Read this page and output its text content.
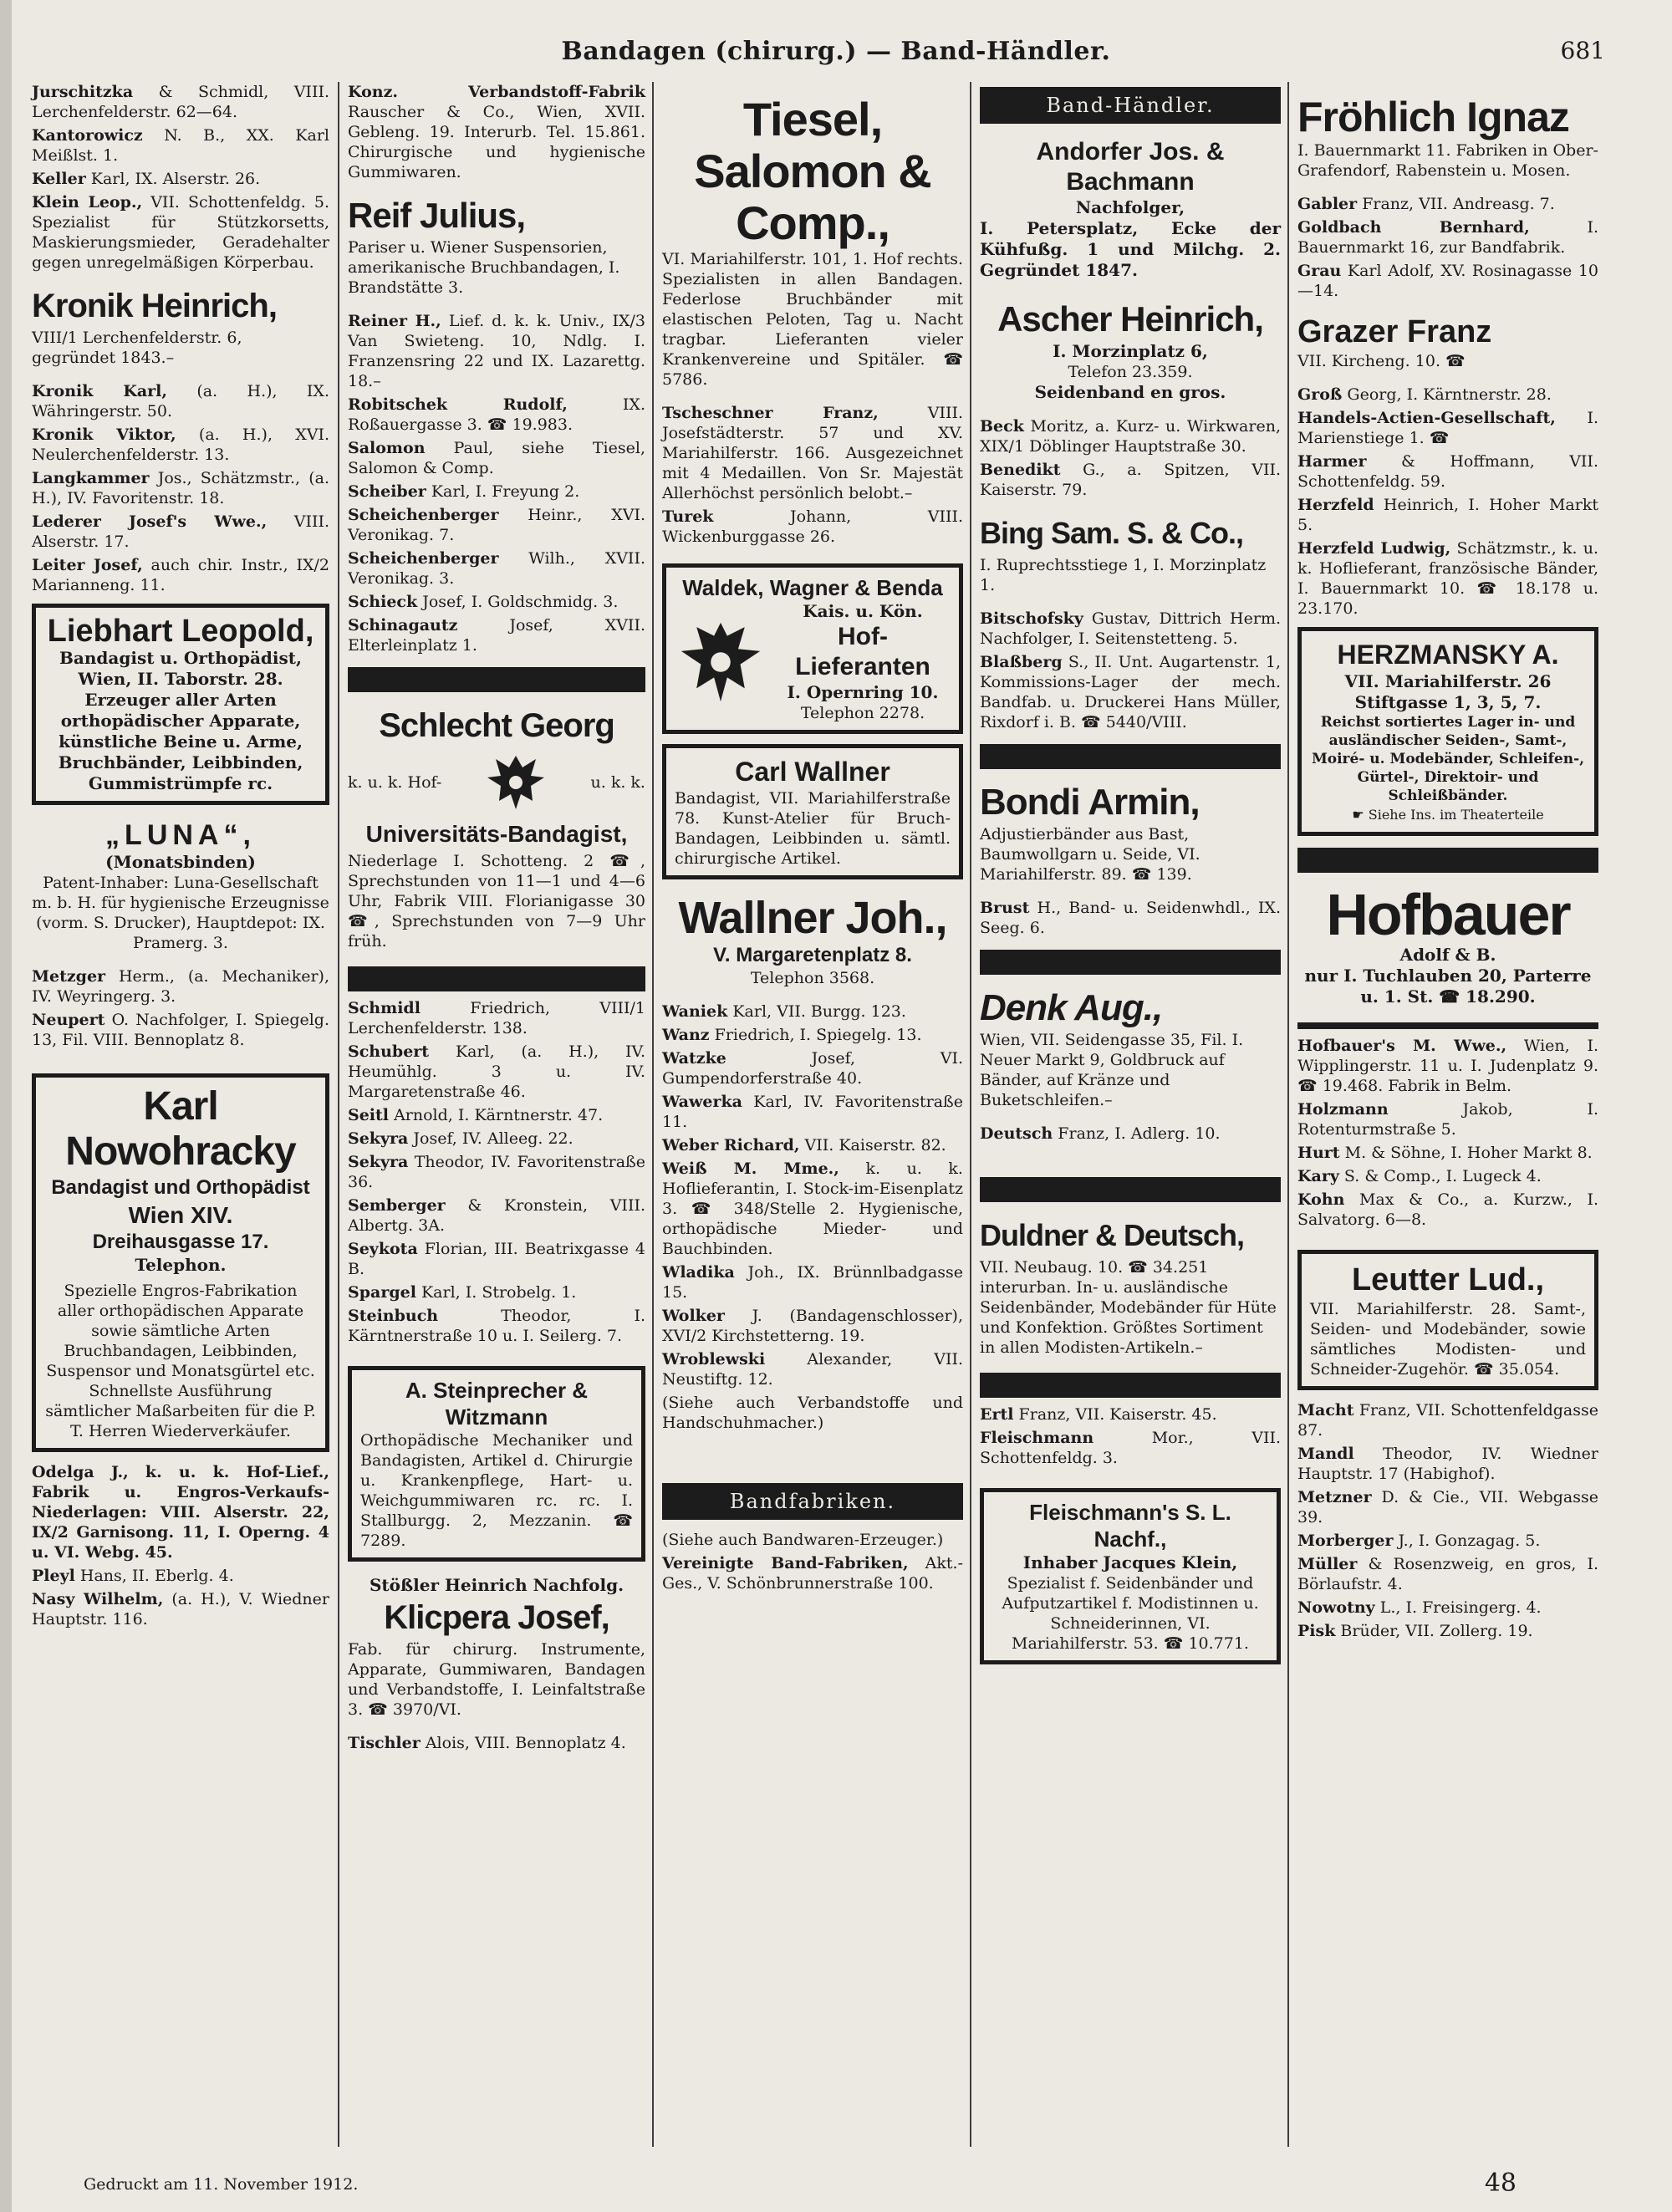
Bandagen (chirurg.) — Band-Händler.	681
Jurschitzka & Schmidl, VIII. Lerchenfelderstr. 62—64.
Kantorowicz N. B., XX. Karl Meißlst. 1.
Keller Karl, IX. Alserstr. 26.
Klein Leop., VII. Schottenfeldg. 5. Spezialist für Stützkorsetts, Maskierungsmieder, Geradehalter gegen unregelmäßigen Körperbau.
Kronik Heinrich,
VIII/1 Lerchenfelderstr. 6, gegründet 1843.–
Kronik Karl, (a. H.), IX. Währingerstr. 50.
Kronik Viktor, (a. H.), XVI. Neulerchenfelderstr. 13.
Langkammer Jos., Schätzmstr., (a. H.), IV. Favoritenstr. 18.
Lederer Josef's Wwe., VIII. Alserstr. 17.
Leiter Josef, auch chir. Instr., IX/2 Marianneng. 11.
Liebhart Leopold,
Bandagist u. Orthopädist, Wien, II. Taborstr. 28. Erzeuger aller Arten orthopädischer Apparate, künstliche Beine u. Arme, Bruchbänder, Leibbinden, Gummistrümpfe rc.
„LUNA“,
(Monatsbinden)
Patent-Inhaber: Luna-Gesellschaft m. b. H. für hygienische Erzeugnisse (vorm. S. Drucker), Hauptdepot: IX. Pramerg. 3.
Metzger Herm., (a. Mechaniker), IV. Weyringerg. 3.
Neupert O. Nachfolger, I. Spiegelg. 13, Fil. VIII. Bennoplatz 8.
Karl Nowohracky
Bandagist und Orthopädist
Wien XIV.
Dreihausgasse 17.
Telephon.
Spezielle Engros-Fabrikation aller orthopädischen Apparate sowie sämtliche Arten Bruchbandagen, Leibbinden, Suspensor und Monatsgürtel etc. Schnellste Ausführung sämtlicher Maßarbeiten für die P. T. Herren Wiederverkäufer.
Odelga J., k. u. k. Hof-Lief., Fabrik u. Engros-Verkaufs-Niederlagen: VIII. Alserstr. 22, IX/2 Garnisong. 11, I. Operng. 4 u. VI. Webg. 45.
Pleyl Hans, II. Eberlg. 4.
Nasy Wilhelm, (a. H.), V. Wiedner Hauptstr. 116.
Konz. Verbandstoff-Fabrik Rauscher & Co., Wien, XVII. Gebleng. 19. Interurb. Tel. 15.861. Chirurgische und hygienische Gummiwaren.
Reif Julius,
Pariser u. Wiener Suspensorien, amerikanische Bruchbandagen, I. Brandstätte 3.
Reiner H., Lief. d. k. k. Univ., IX/3 Van Swieteng. 10, Ndlg. I. Franzensring 22 und IX. Lazarettg. 18.–
Robitschek Rudolf,	IX. Roßauergasse 3. ☎ 19.983.
Salomon Paul, siehe Tiesel, Salomon & Comp.
Scheiber Karl, I. Freyung 2.
Scheichenberger Heinr., XVI. Veronikag. 7.
Scheichenberger Wilh., XVII. Veronikag. 3.
Schieck Josef, I. Goldschmidg. 3.
Schinagautz	Josef, XVII. Elterleinplatz 1.
Schlecht Georg
k. u. k. Hof-	u. k. k.
Universitäts-Bandagist,
Niederlage I. Schotteng. 2 ☎, Sprechstunden von 11—1 und 4—6 Uhr, Fabrik VIII. Florianigasse 30 ☎, Sprechstunden von 7—9 Uhr früh.
Schmidl	Friedrich, VIII/1 Lerchenfelderstr. 138.
Schubert Karl, (a. H.), IV. Heumühlg. 3 u. IV. Margaretenstraße 46.
Seitl Arnold, I. Kärntnerstr. 47.
Sekyra Josef, IV. Alleeg. 22.
Sekyra Theodor, IV. Favoritenstraße 36.
Semberger & Kronstein, VIII. Albertg. 3A.
Seykota Florian, III. Beatrixgasse 4 B.
Spargel Karl, I. Strobelg. 1.
Steinbuch	Theodor, I. Kärntnerstraße 10 u. I. Seilerg. 7.
A. Steinprecher & Witzmann
Orthopädische Mechaniker und Bandagisten, Artikel d. Chirurgie u. Krankenpflege, Hart- u. Weichgummiwaren rc. rc. I. Stallburgg. 2, Mezzanin. ☎ 7289.
Stößler Heinrich Nachfolg.
Klicpera Josef,
Fab. für chirurg. Instrumente, Apparate, Gummiwaren, Bandagen und Verbandstoffe, I. Leinfaltstraße 3. ☎ 3970/VI.
Tischler Alois, VIII. Bennoplatz 4.
Tiesel, Salomon & Comp.,
VI. Mariahilferstr. 101, 1. Hof rechts. Spezialisten in allen Bandagen. Federlose Bruchbänder mit elastischen Peloten, Tag u. Nacht tragbar. Lieferanten vieler Krankenvereine und Spitäler. ☎ 5786.
Tscheschner Franz,	VIII. Josefstädterstr. 57 und XV. Mariahilferstr. 166. Ausgezeichnet mit 4 Medaillen. Von Sr. Majestät Allerhöchst persönlich belobt.–
Turek	Johann, VIII. Wickenburggasse 26.
Waldek, Wagner & Benda
Kais. u. Kön.
Hof-Lieferanten
I. Opernring 10.
Telephon 2278.
Carl Wallner
Bandagist, VII. Mariahilferstraße 78. Kunst-Atelier für Bruch-Bandagen, Leibbinden u. sämtl. chirurgische Artikel.
Wallner Joh.,
V. Margaretenplatz 8.
Telephon 3568.
Waniek Karl, VII. Burgg. 123.
Wanz Friedrich, I. Spiegelg. 13.
Watzke	Josef, VI. Gumpendorferstraße 40.
Wawerka Karl, IV. Favoritenstraße 11.
Weber Richard, VII. Kaiserstr. 82.
Weiß M. Mme., k. u. k. Hoflieferantin, I. Stock-im-Eisenplatz 3. ☎ 348/Stelle 2. Hygienische, orthopädische Mieder- und Bauchbinden.
Wladika Joh., IX. Brünnlbadgasse 15.
Wolker J. (Bandagenschlosser), XVI/2 Kirchstetterng. 19.
Wroblewski	Alexander, VII. Neustiftg. 12.
(Siehe auch Verbandstoffe und Handschuhmacher.)
Bandfabriken.
(Siehe auch Bandwaren-Erzeuger.)
Vereinigte Band-Fabriken, Akt.-Ges., V. Schönbrunnerstraße 100.
Band-Händler.
Andorfer Jos. & Bachmann
Nachfolger,
I. Petersplatz, Ecke der Kühfußg. 1 und Milchg. 2. Gegründet 1847.
Ascher Heinrich,
I. Morzinplatz 6,
Telefon 23.359.
Seidenband en gros.
Beck Moritz, a. Kurz- u. Wirkwaren, XIX/1 Döblinger Hauptstraße 30.
Benedikt G., a. Spitzen, VII. Kaiserstr. 79.
Bing Sam. S. & Co.,
I. Ruprechtsstiege 1, I. Morzinplatz 1.
Bitschofsky Gustav, Dittrich Herm. Nachfolger, I. Seitenstetteng. 5.
Blaßberg S., II. Unt. Augartenstr. 1, Kommissions-Lager der mech. Bandfab. u. Druckerei Hans Müller, Rixdorf i. B. ☎ 5440/VIII.
Bondi Armin,
Adjustierbänder aus Bast, Baumwollgarn u. Seide, VI. Mariahilferstr. 89. ☎ 139.
Brust H., Band- u. Seidenwhdl., IX. Seeg. 6.
Denk Aug.,
Wien, VII. Seidengasse 35, Fil. I. Neuer Markt 9, Goldbruck auf Bänder, auf Kränze und Buketschleifen.–
Deutsch Franz, I. Adlerg. 10.
Duldner & Deutsch,
VII. Neubaug. 10. ☎ 34.251 interurban. In- u. ausländische Seidenbänder, Modebänder für Hüte und Konfektion. Größtes Sortiment in allen Modisten-Artikeln.–
Ertl Franz, VII. Kaiserstr. 45.
Fleischmann	Mor., VII. Schottenfeldg. 3.
Fleischmann's S. L. Nachf.,
Inhaber Jacques Klein,
Spezialist f. Seidenbänder und Aufputzartikel f. Modistinnen u. Schneiderinnen, VI. Mariahilferstr. 53. ☎ 10.771.
Fröhlich Ignaz
I. Bauernmarkt 11. Fabriken in Ober-Grafendorf, Rabenstein u. Mosen.
Gabler Franz, VII. Andreasg. 7.
Goldbach Bernhard,	I. Bauernmarkt 16, zur Bandfabrik.
Grau Karl Adolf, XV. Rosinagasse 10—14.
Grazer Franz
VII. Kircheng. 10. ☎
Groß Georg, I. Kärntnerstr. 28.
Handels-Actien-Gesellschaft, I. Marienstiege 1. ☎
Harmer & Hoffmann, VII. Schottenfeldg. 59.
Herzfeld Heinrich, I. Hoher Markt 5.
Herzfeld Ludwig, Schätzmstr., k. u. k. Hoflieferant, französische Bänder, I. Bauernmarkt 10. ☎ 18.178 u. 23.170.
HERZMANSKY A.
VII. Mariahilferstr. 26
Stiftgasse 1, 3, 5, 7.
Reichst sortiertes Lager in- und ausländischer Seiden-, Samt-, Moiré- u. Modebänder, Schleifen-, Gürtel-, Direktoir- und Schleißbänder.
☛ Siehe Ins. im Theaterteile
Hofbauer
Adolf & B.
nur I. Tuchlauben 20, Parterre u. 1. St. ☎ 18.290.
Hofbauer's M. Wwe., Wien, I. Wipplingerstr. 11 u. I. Judenplatz 9. ☎ 19.468. Fabrik in Belm.
Holzmann	Jakob, I. Rotenturmstraße 5.
Hurt M. & Söhne, I. Hoher Markt 8.
Kary S. & Comp., I. Lugeck 4.
Kohn Max & Co., a. Kurzw., I. Salvatorg. 6—8.
Leutter Lud.,
VII. Mariahilferstr. 28. Samt-, Seiden- und Modebänder, sowie sämtliches Modisten- und Schneider-Zugehör. ☎ 35.054.
Macht Franz, VII. Schottenfeldgasse 87.
Mandl Theodor, IV. Wiedner Hauptstr. 17 (Habighof).
Metzner D. & Cie., VII. Webgasse 39.
Morberger J., I. Gonzagag. 5.
Müller & Rosenzweig, en gros, I. Börlaufstr. 4.
Nowotny L., I. Freisingerg. 4.
Pisk Brüder, VII. Zollerg. 19.
Gedruckt am 11. November 1912.	48
